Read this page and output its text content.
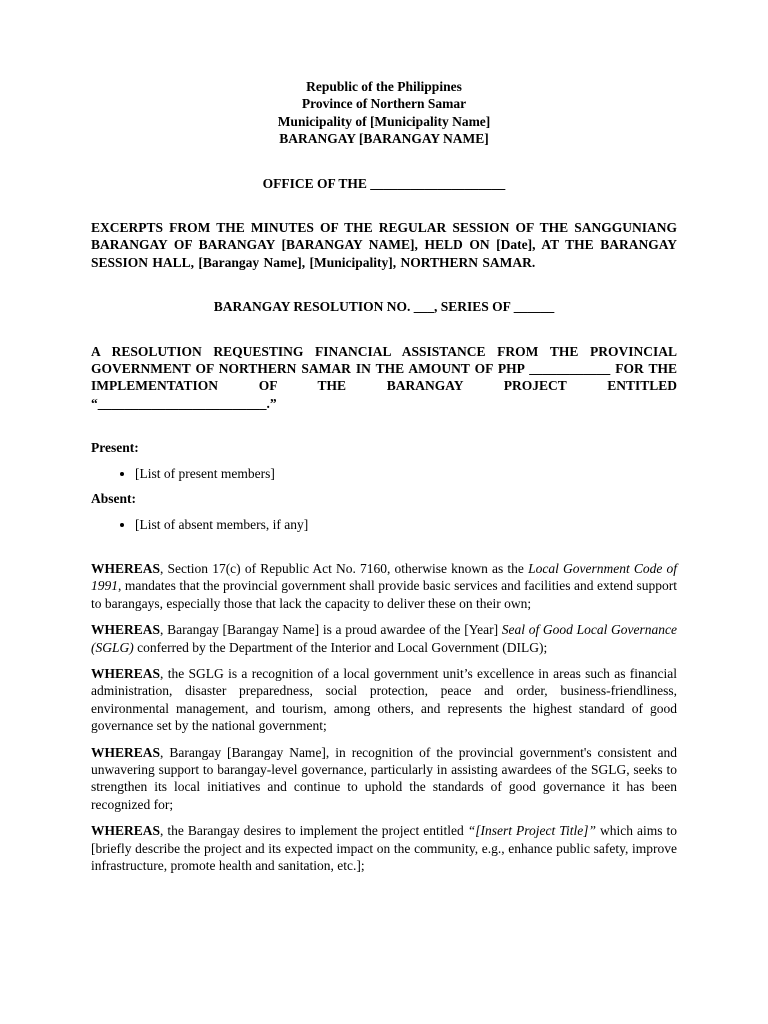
Republic of the Philippines
Province of Northern Samar
Municipality of [Municipality Name]
BARANGAY [BARANGAY NAME]
OFFICE OF THE ____________________
EXCERPTS FROM THE MINUTES OF THE REGULAR SESSION OF THE SANGGUNIANG BARANGAY OF BARANGAY [BARANGAY NAME], HELD ON [Date], AT THE BARANGAY SESSION HALL, [Barangay Name], [Municipality], NORTHERN SAMAR.
BARANGAY RESOLUTION NO. ___, SERIES OF ______
A RESOLUTION REQUESTING FINANCIAL ASSISTANCE FROM THE PROVINCIAL GOVERNMENT OF NORTHERN SAMAR IN THE AMOUNT OF PHP ____________ FOR THE IMPLEMENTATION OF THE BARANGAY PROJECT ENTITLED “_________________________.”
Present:
• [List of present members]
Absent:
• [List of absent members, if any]

WHEREAS, Section 17(c) of Republic Act No. 7160, otherwise known as the Local Government Code of 1991, mandates that the provincial government shall provide basic services and facilities and extend support to barangays, especially those that lack the capacity to deliver these on their own;

WHEREAS, Barangay [Barangay Name] is a proud awardee of the [Year] Seal of Good Local Governance (SGLG) conferred by the Department of the Interior and Local Government (DILG);

WHEREAS, the SGLG is a recognition of a local government unit’s excellence in areas such as financial administration, disaster preparedness, social protection, peace and order, business-friendliness, environmental management, and tourism, among others, and represents the highest standard of good governance set by the national government;

WHEREAS, Barangay [Barangay Name], in recognition of the provincial government's consistent and unwavering support to barangay-level governance, particularly in assisting awardees of the SGLG, seeks to strengthen its local initiatives and continue to uphold the standards of good governance it has been recognized for;

WHEREAS, the Barangay desires to implement the project entitled “[Insert Project Title]” which aims to [briefly describe the project and its expected impact on the community, e.g., enhance public safety, improve infrastructure, promote health and sanitation, etc.];
